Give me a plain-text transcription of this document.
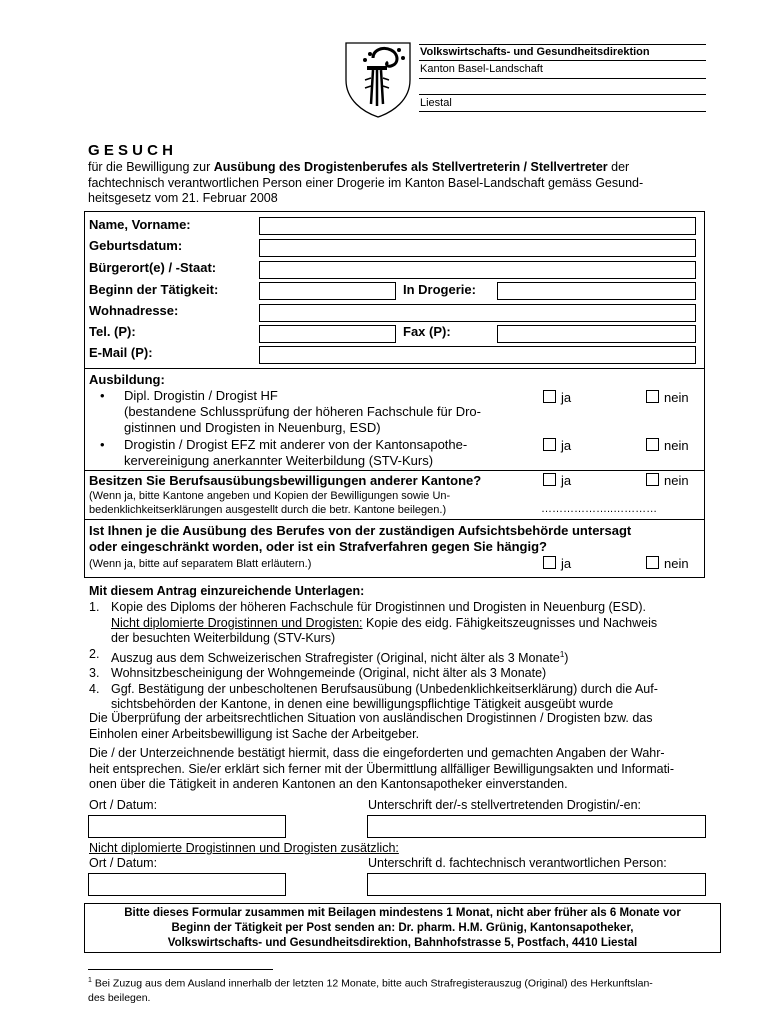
Volkswirtschafts- und Gesundheitsdirektion
Kanton Basel-Landschaft
Liestal
G E S U C H
für die Bewilligung zur Ausübung des Drogistenberufes als Stellvertreterin / Stellvertreter der
fachtechnisch verantwortlichen Person einer Drogerie im Kanton Basel-Landschaft gemäss Gesund-
heitsgesetz vom 21. Februar 2008
Name, Vorname:
Geburtsdatum:
Bürgerort(e) / -Staat:
Beginn der Tätigkeit:	In Drogerie:
Wohnadresse:
Tel. (P):	Fax (P):
E-Mail (P):
Ausbildung:
• Dipl. Drogistin / Drogist HF
(bestandene Schlussprüfung der höheren Fachschule für Dro-
gistinnen und Drogisten in Neuenburg, ESD)
ja	nein
• Drogistin / Drogist EFZ mit anderer von der Kantonsapothe-
kervereinigung anerkannter Weiterbildung (STV-Kurs)
ja	nein
Besitzen Sie Berufsausübungsbewilligungen anderer Kantone?
(Wenn ja, bitte Kantone angeben und Kopien der Bewilligungen sowie Un-
bedenklichkeitserklärungen ausgestellt durch die betr. Kantone beilegen.)
ja	nein
………………..…………
Ist Ihnen je die Ausübung des Berufes von der zuständigen Aufsichtsbehörde untersagt
oder eingeschränkt worden, oder ist ein Strafverfahren gegen Sie hängig?
(Wenn ja, bitte auf separatem Blatt erläutern.)	ja	nein
Mit diesem Antrag einzureichende Unterlagen:
1. Kopie des Diploms der höheren Fachschule für Drogistinnen und Drogisten in Neuenburg (ESD).
Nicht diplomierte Drogistinnen und Drogisten: Kopie des eidg. Fähigkeitszeugnisses und Nachweis
der besuchten Weiterbildung (STV-Kurs)
2. Auszug aus dem Schweizerischen Strafregister (Original, nicht älter als 3 Monate$^1$)
3. Wohnsitzbescheinigung der Wohngemeinde (Original, nicht älter als 3 Monate)
4. Ggf. Bestätigung der unbescholtenen Berufsausübung (Unbedenklichkeitserklärung) durch die Auf-
sichtsbehörden der Kantone, in denen eine bewilligungspflichtige Tätigkeit ausgeübt wurde
Die Überprüfung der arbeitsrechtlichen Situation von ausländischen Drogistinnen / Drogisten bzw. das
Einholen einer Arbeitsbewilligung ist Sache der Arbeitgeber.
Die / der Unterzeichnende bestätigt hiermit, dass die eingeforderten und gemachten Angaben der Wahr-
heit entsprechen. Sie/er erklärt sich ferner mit der Übermittlung allfälliger Bewilligungsakten und Informati-
onen über die Tätigkeit in anderen Kantonen an den Kantonsapotheker einverstanden.
Ort / Datum:	Unterschrift der/-s stellvertretenden Drogistin/-en:
Nicht diplomierte Drogistinnen und Drogisten zusätzlich:
Ort / Datum:	Unterschrift d. fachtechnisch verantwortlichen Person:
Bitte dieses Formular zusammen mit Beilagen mindestens 1 Monat, nicht aber früher als 6 Monate vor
Beginn der Tätigkeit per Post senden an: Dr. pharm. H.M. Grünig, Kantonsapotheker,
Volkswirtschafts- und Gesundheitsdirektion, Bahnhofstrasse 5, Postfach, 4410 Liestal
$^1$ Bei Zuzug aus dem Ausland innerhalb der letzten 12 Monate, bitte auch Strafregisterauszug (Original) des Herkunftslan-
des beilegen.
